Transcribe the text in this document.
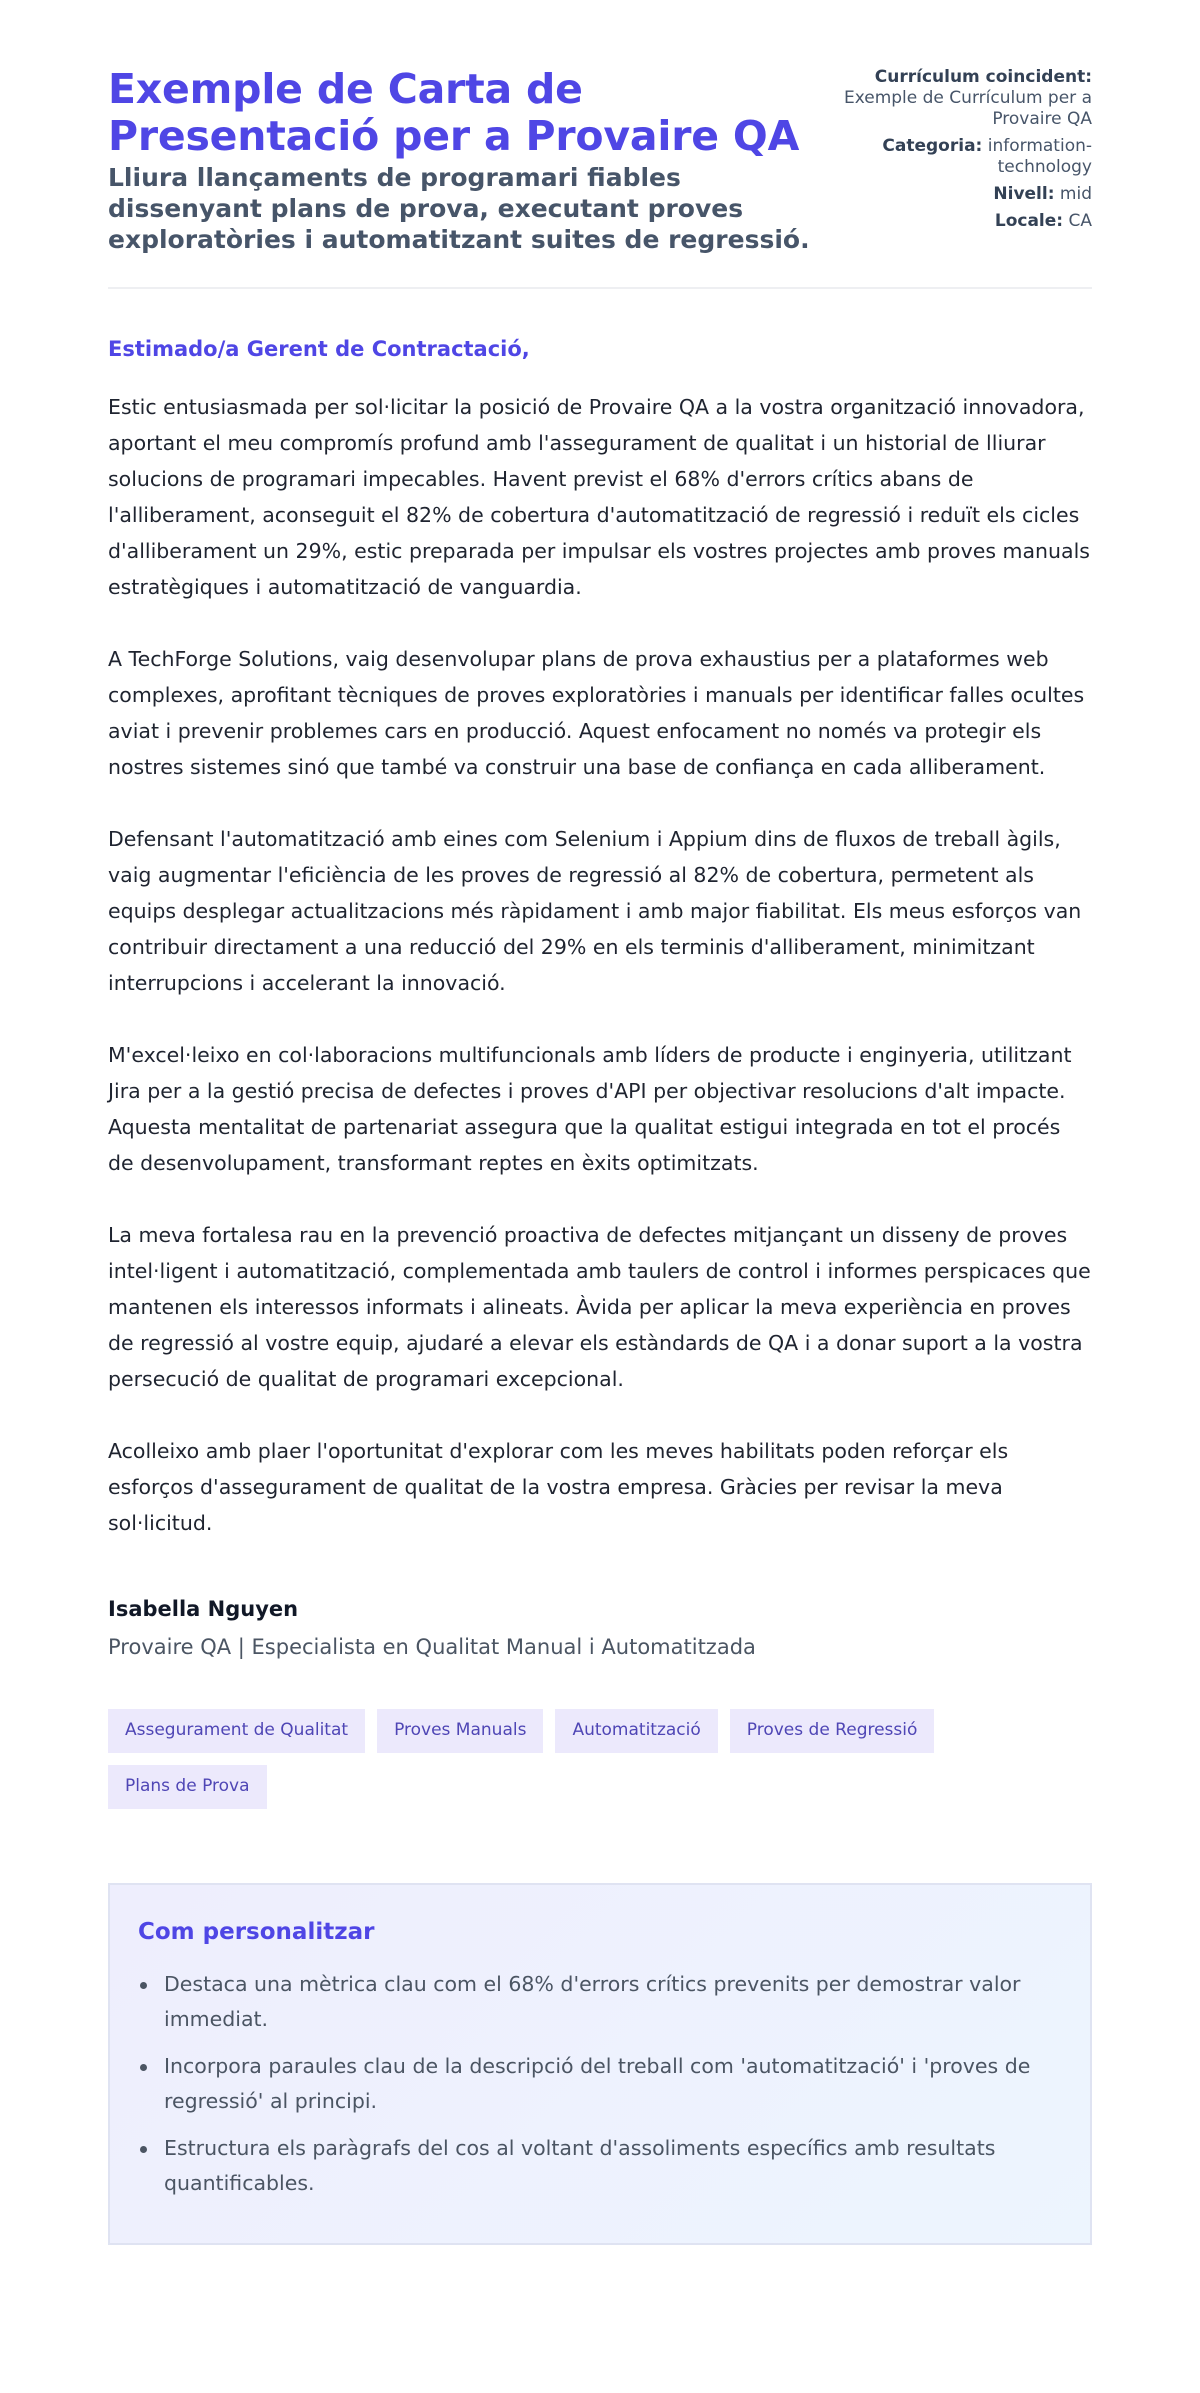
Exemple de Carta de Presentació per a Provaire QA
Lliura llançaments de programari fiables dissenyant plans de prova, executant proves exploratòries i automatitzant suites de regressió.
Currículum coincident: Exemple de Currículum per a Provaire QA
Categoria: information-technology
Nivell: mid
Locale: CA
Estimado/a Gerent de Contractació,

Estic entusiasmada per sol·licitar la posició de Provaire QA a la vostra organització innovadora, aportant el meu compromís profund amb l'assegurament de qualitat i un historial de lliurar solucions de programari impecables. Havent previst el 68% d'errors crítics abans de l'alliberament, aconseguit el 82% de cobertura d'automatització de regressió i reduït els cicles d'alliberament un 29%, estic preparada per impulsar els vostres projectes amb proves manuals estratègiques i automatització de vanguardia.

A TechForge Solutions, vaig desenvolupar plans de prova exhaustius per a plataformes web complexes, aprofitant tècniques de proves exploratòries i manuals per identificar falles ocultes aviat i prevenir problemes cars en producció. Aquest enfocament no només va protegir els nostres sistemes sinó que també va construir una base de confiança en cada alliberament.

Defensant l'automatització amb eines com Selenium i Appium dins de fluxos de treball àgils, vaig augmentar l'eficiència de les proves de regressió al 82% de cobertura, permetent als equips desplegar actualitzacions més ràpidament i amb major fiabilitat. Els meus esforços van contribuir directament a una reducció del 29% en els terminis d'alliberament, minimitzant interrupcions i accelerant la innovació.

M'excel·leixo en col·laboracions multifuncionals amb líders de producte i enginyeria, utilitzant Jira per a la gestió precisa de defectes i proves d'API per objectivar resolucions d'alt impacte. Aquesta mentalitat de partenariat assegura que la qualitat estigui integrada en tot el procés de desenvolupament, transformant reptes en èxits optimitzats.

La meva fortalesa rau en la prevenció proactiva de defectes mitjançant un disseny de proves intel·ligent i automatització, complementada amb taulers de control i informes perspicaces que mantenen els interessos informats i alineats. Àvida per aplicar la meva experiència en proves de regressió al vostre equip, ajudaré a elevar els estàndards de QA i a donar suport a la vostra persecució de qualitat de programari excepcional.

Acolleixo amb plaer l'oportunitat d'explorar com les meves habilitats poden reforçar els esforços d'assegurament de qualitat de la vostra empresa. Gràcies per revisar la meva sol·licitud.

Isabella Nguyen
Provaire QA | Especialista en Qualitat Manual i Automatitzada
Assegurament de Qualitat	Proves Manuals	Automatització	Proves de Regressió
Plans de Prova
Com personalitzar
Destaca una mètrica clau com el 68% d'errors crítics prevenits per demostrar valor immediat.
Incorpora paraules clau de la descripció del treball com 'automatització' i 'proves de regressió' al principi.
Estructura els paràgrafs del cos al voltant d'assoliments específics amb resultats quantificables.
